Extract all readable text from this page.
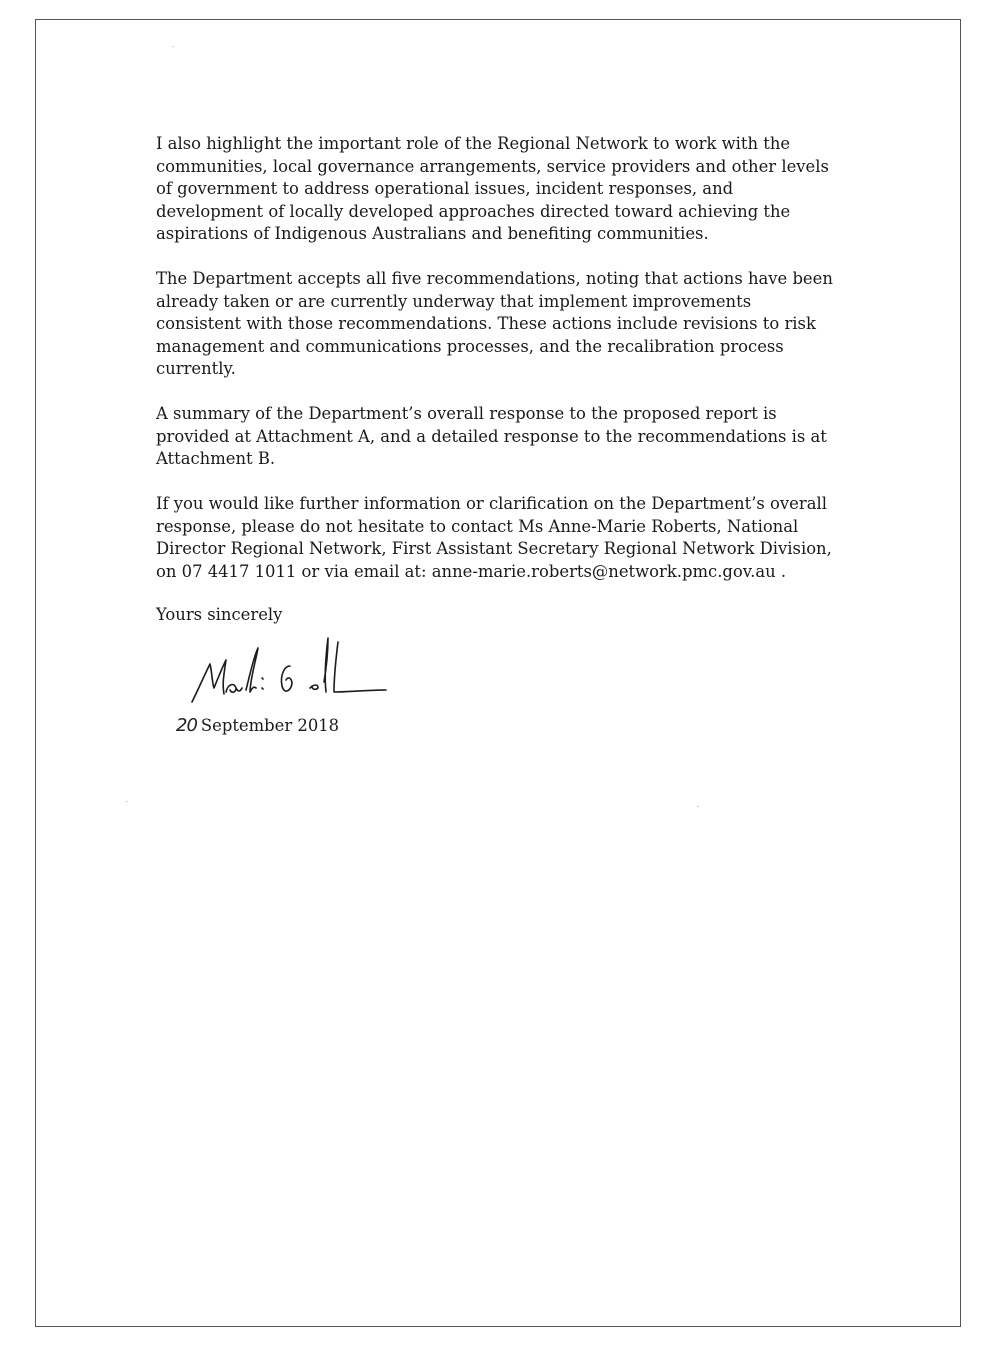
I also highlight the important role of the Regional Network to work with the
communities, local governance arrangements, service providers and other levels
of government to address operational issues, incident responses, and
development of locally developed approaches directed toward achieving the
aspirations of Indigenous Australians and benefiting communities.

The Department accepts all five recommendations, noting that actions have been
already taken or are currently underway that implement improvements
consistent with those recommendations. These actions include revisions to risk
management and communications processes, and the recalibration process
currently.

A summary of the Department’s overall response to the proposed report is
provided at Attachment A, and a detailed response to the recommendations is at
Attachment B.

If you would like further information or clarification on the Department’s overall
response, please do not hesitate to contact Ms Anne-Marie Roberts, National
Director Regional Network, First Assistant Secretary Regional Network Division,
on 07 4417 1011 or via email at: anne-marie.roberts@network.pmc.gov.au .

Yours sincerely
20 September 2018
